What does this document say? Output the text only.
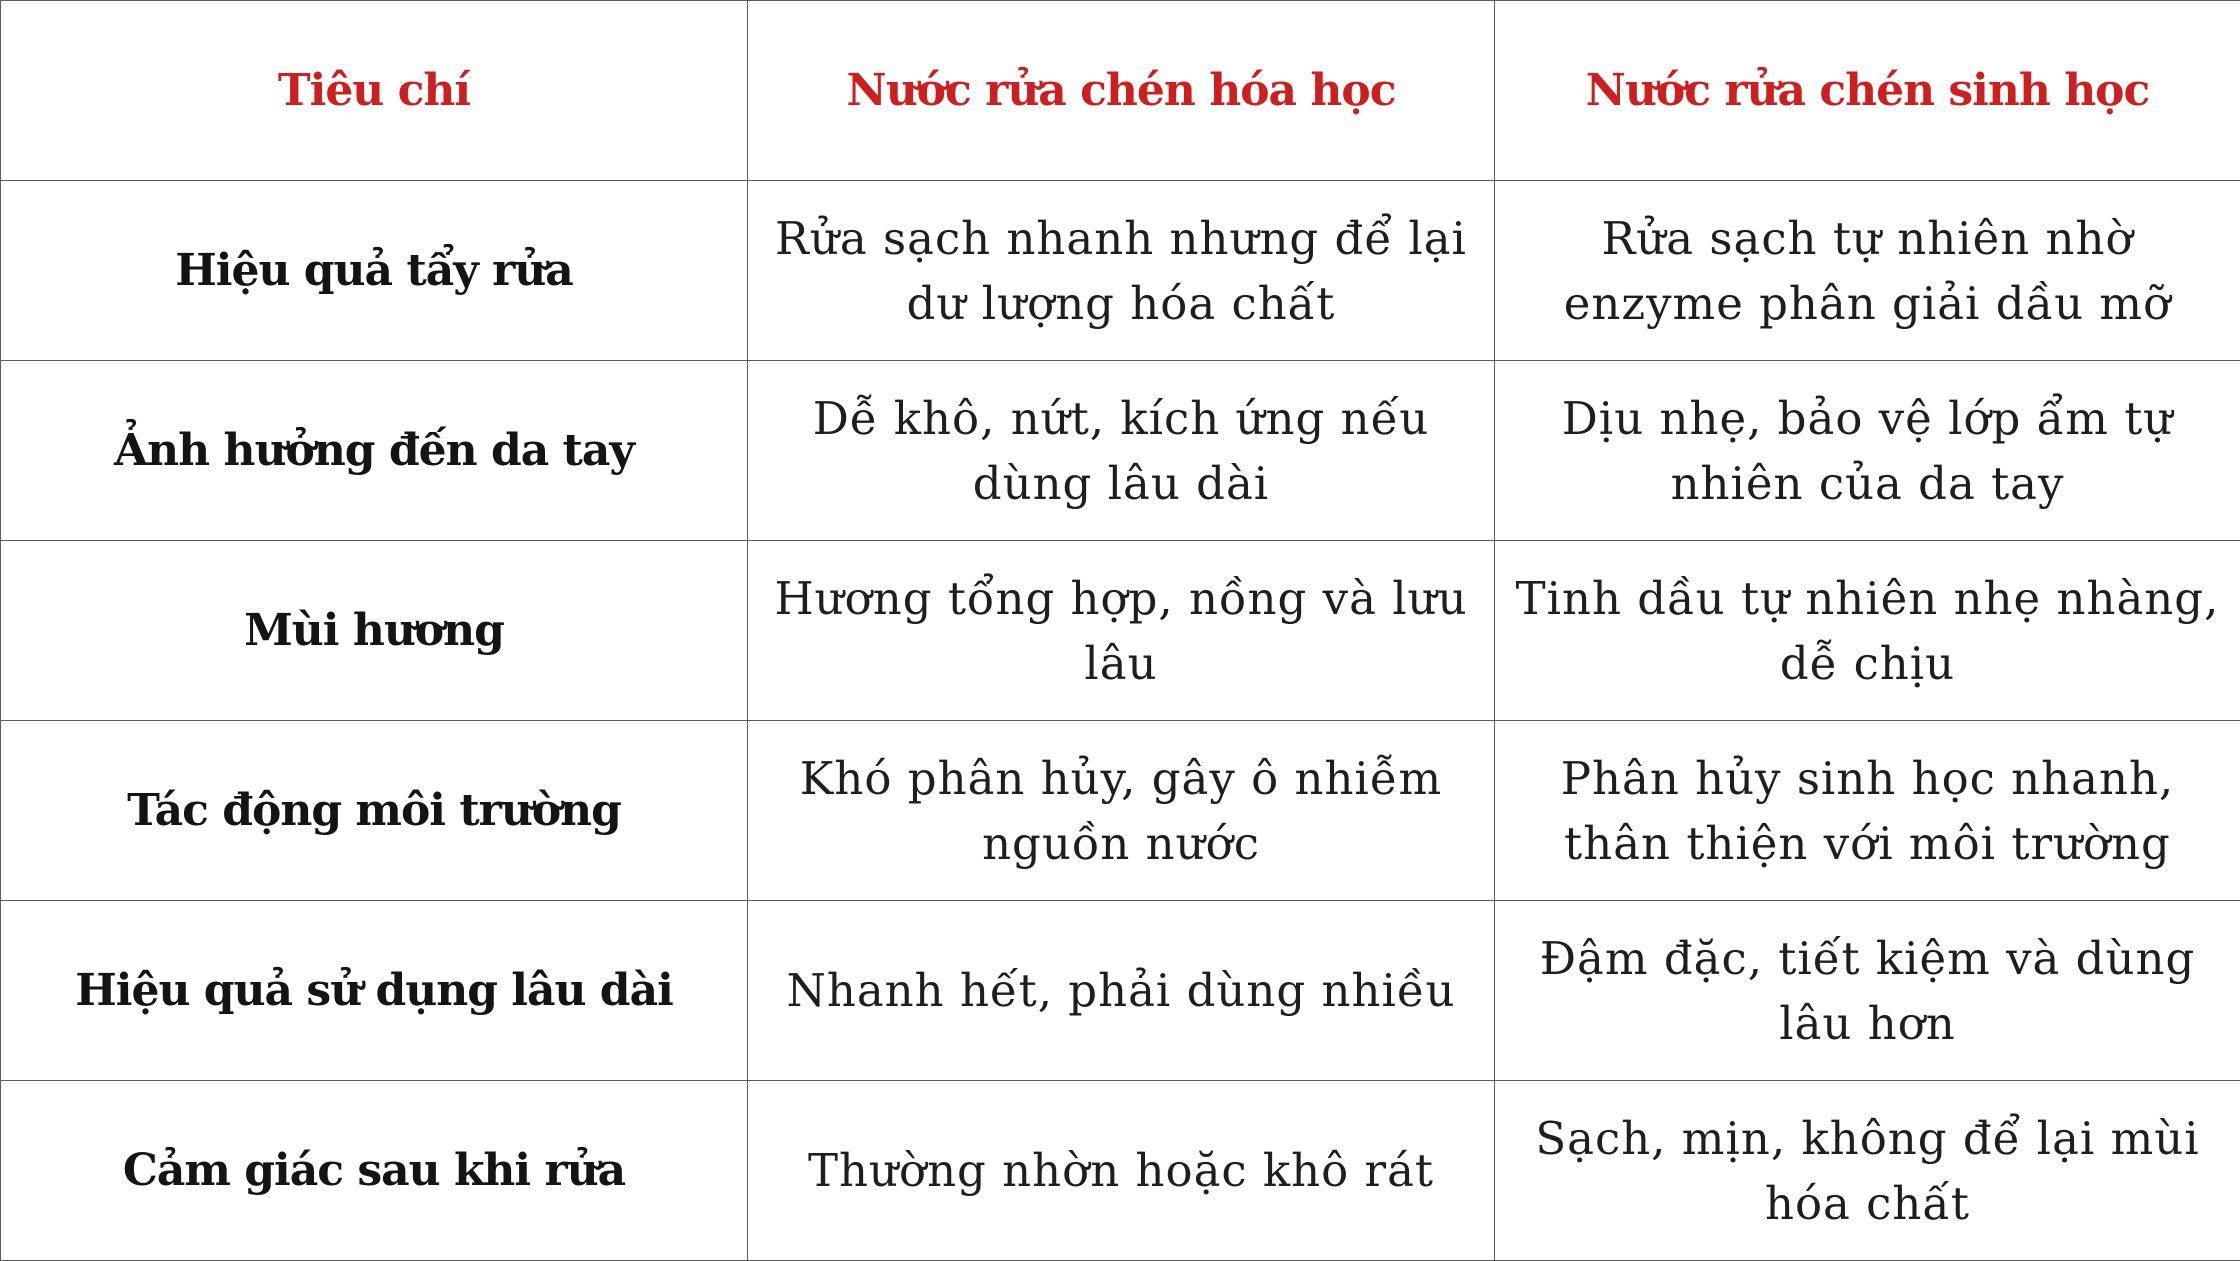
Tiêu chí	Nước rửa chén hóa học	Nước rửa chén sinh học
Hiệu quả tẩy rửa	Rửa sạch nhanh nhưng để lại dư lượng hóa chất	Rửa sạch tự nhiên nhờ enzyme phân giải dầu mỡ
Ảnh hưởng đến da tay	Dễ khô, nứt, kích ứng nếu dùng lâu dài	Dịu nhẹ, bảo vệ lớp ẩm tự nhiên của da tay
Mùi hương	Hương tổng hợp, nồng và lưu lâu	Tinh dầu tự nhiên nhẹ nhàng, dễ chịu
Tác động môi trường	Khó phân hủy, gây ô nhiễm nguồn nước	Phân hủy sinh học nhanh, thân thiện với môi trường
Hiệu quả sử dụng lâu dài	Nhanh hết, phải dùng nhiều	Đậm đặc, tiết kiệm và dùng lâu hơn
Cảm giác sau khi rửa	Thường nhờn hoặc khô rát	Sạch, mịn, không để lại mùi hóa chất
